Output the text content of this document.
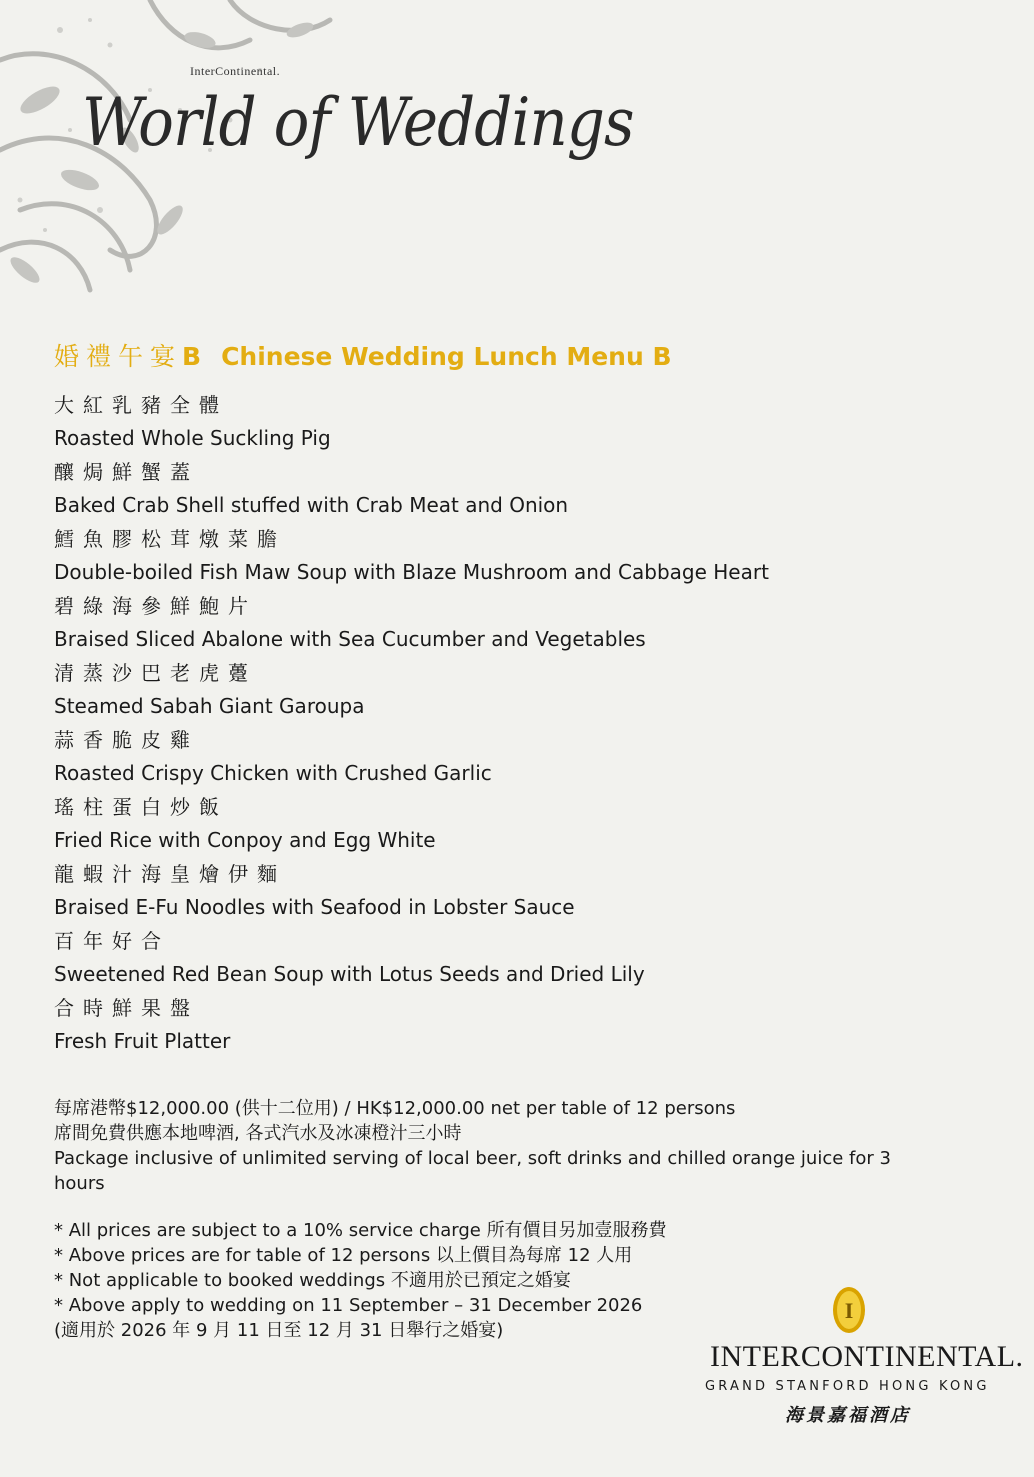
InterContinental.
World of Weddings
婚禮午宴B Chinese Wedding Lunch Menu B
大紅乳豬全體
Roasted Whole Suckling Pig
釀焗鮮蟹蓋
Baked Crab Shell stuffed with Crab Meat and Onion
鱈魚膠松茸燉菜膽
Double-boiled Fish Maw Soup with Blaze Mushroom and Cabbage Heart
碧綠海參鮮鮑片
Braised Sliced Abalone with Sea Cucumber and Vegetables
清蒸沙巴老虎躉
Steamed Sabah Giant Garoupa
蒜香脆皮雞
Roasted Crispy Chicken with Crushed Garlic
瑤柱蛋白炒飯
Fried Rice with Conpoy and Egg White
龍蝦汁海皇燴伊麵
Braised E-Fu Noodles with Seafood in Lobster Sauce
百年好合
Sweetened Red Bean Soup with Lotus Seeds and Dried Lily
合時鮮果盤
Fresh Fruit Platter
每席港幣$12,000.00 (供十二位用) / HK$12,000.00 net per table of 12 persons
席間免費供應本地啤酒, 各式汽水及冰凍橙汁三小時
Package inclusive of unlimited serving of local beer, soft drinks and chilled orange juice for 3 hours
* All prices are subject to a 10% service charge 所有價目另加壹服務費
* Above prices are for table of 12 persons 以上價目為每席 12 人用
* Not applicable to booked weddings 不適用於已預定之婚宴
* Above apply to wedding on 11 September – 31 December 2026
(適用於 2026 年 9 月 11 日至 12 月 31 日舉行之婚宴)
I
INTERCONTINENTAL.
GRAND STANFORD HONG KONG
海景嘉福酒店
